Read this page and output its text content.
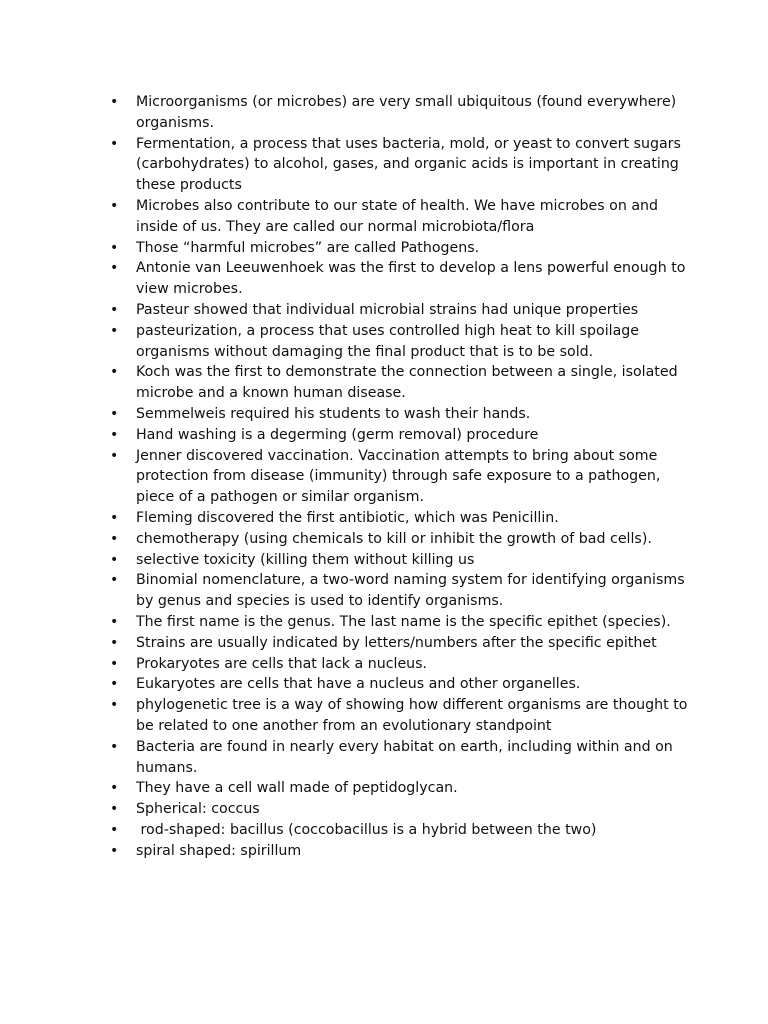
• Microorganisms (or microbes) are very small ubiquitous (found everywhere) organisms.
• Fermentation, a process that uses bacteria, mold, or yeast to convert sugars (carbohydrates) to alcohol, gases, and organic acids is important in creating these products
• Microbes also contribute to our state of health. We have microbes on and inside of us. They are called our normal microbiota/flora
• Those “harmful microbes” are called Pathogens.
• Antonie van Leeuwenhoek was the first to develop a lens powerful enough to view microbes.
• Pasteur showed that individual microbial strains had unique properties
• pasteurization, a process that uses controlled high heat to kill spoilage organisms without damaging the final product that is to be sold.
• Koch was the first to demonstrate the connection between a single, isolated microbe and a known human disease.
• Semmelweis required his students to wash their hands.
• Hand washing is a degerming (germ removal) procedure
• Jenner discovered vaccination. Vaccination attempts to bring about some protection from disease (immunity) through safe exposure to a pathogen, piece of a pathogen or similar organism.
• Fleming discovered the first antibiotic, which was Penicillin.
• chemotherapy (using chemicals to kill or inhibit the growth of bad cells).
• selective toxicity (killing them without killing us
• Binomial nomenclature, a two-word naming system for identifying organisms by genus and species is used to identify organisms.
• The first name is the genus. The last name is the specific epithet (species).
• Strains are usually indicated by letters/numbers after the specific epithet
• Prokaryotes are cells that lack a nucleus.
• Eukaryotes are cells that have a nucleus and other organelles.
• phylogenetic tree is a way of showing how different organisms are thought to be related to one another from an evolutionary standpoint
• Bacteria are found in nearly every habitat on earth, including within and on humans.
• They have a cell wall made of peptidoglycan.
• Spherical: coccus
• rod-shaped: bacillus (coccobacillus is a hybrid between the two)
• spiral shaped: spirillum
